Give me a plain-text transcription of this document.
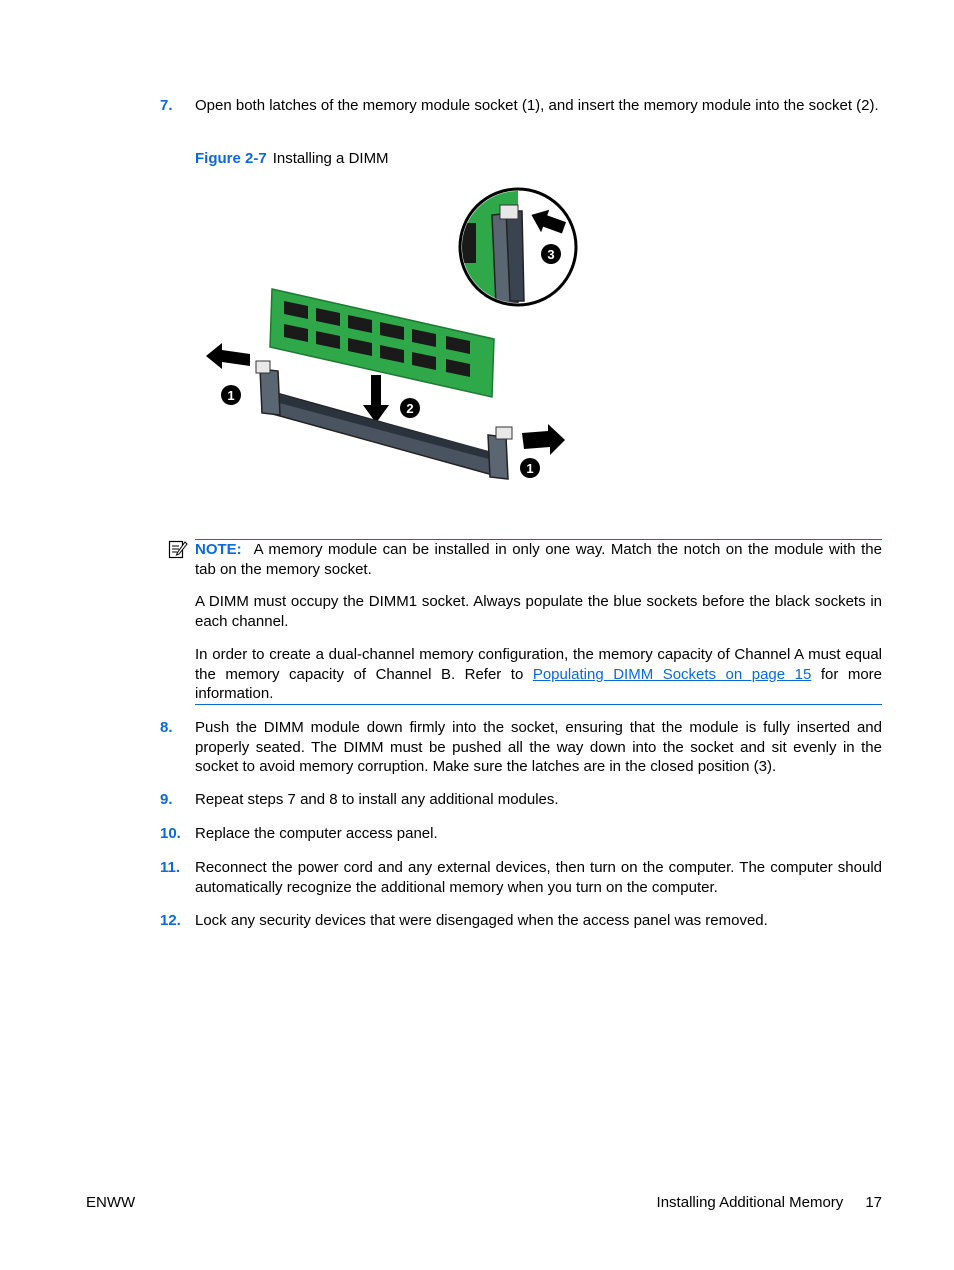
7.	Open both latches of the memory module socket (1), and insert the memory module into the socket (2).
Figure 2-7 Installing a DIMM
3
2
1
1
NOTE: A memory module can be installed in only one way. Match the notch on the module with the tab on the memory socket.
A DIMM must occupy the DIMM1 socket. Always populate the blue sockets before the black sockets in each channel.
In order to create a dual-channel memory configuration, the memory capacity of Channel A must equal the memory capacity of Channel B. Refer to Populating DIMM Sockets on page 15 for more information.
8.	Push the DIMM module down firmly into the socket, ensuring that the module is fully inserted and properly seated. The DIMM must be pushed all the way down into the socket and sit evenly in the socket to avoid memory corruption. Make sure the latches are in the closed position (3).
9.	Repeat steps 7 and 8 to install any additional modules.
10. Replace the computer access panel.
11. Reconnect the power cord and any external devices, then turn on the computer. The computer should automatically recognize the additional memory when you turn on the computer.
12. Lock any security devices that were disengaged when the access panel was removed.
ENWW	Installing Additional Memory 17
